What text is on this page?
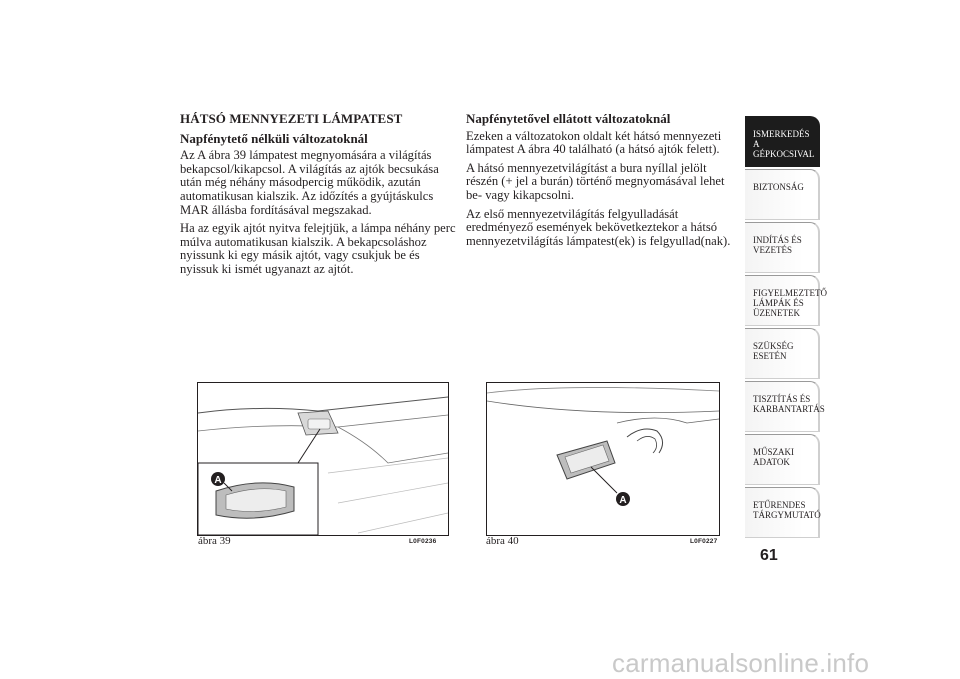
HÁTSÓ MENNYEZETI LÁMPATEST
Napfénytető nélküli változatoknál

Az A ábra 39 lámpatest megnyomására a világítás bekapcsol/kikapcsol. A világítás az ajtók becsukása után még néhány másodpercig működik, azután automatikusan kialszik. Az időzítés a gyújtáskulcs MAR állásba fordításával megszakad.

Ha az egyik ajtót nyitva felejtjük, a lámpa néhány perc múlva automatikusan kialszik. A bekapcsoláshoz nyissunk ki egy másik ajtót, vagy csukjuk be és nyissuk ki ismét ugyanazt az ajtót.

Napfénytetővel ellátott változatoknál

Ezeken a változatokon oldalt két hátsó mennyezeti lámpatest A ábra 40 található (a hátsó ajtók felett).

A hátsó mennyezetvilágítást a bura nyíllal jelölt részén (+ jel a burán) történő megnyomásával lehet be- vagy kikapcsolni.

Az első mennyezetvilágítás felgyulladását eredményező események bekövetkeztekor a hátsó mennyezetvilágítás lámpatest(ek) is felgyullad(nak).

A
ábra 39	L0F0236
A
ábra 40	L0F0227
ISMERKEDÉS A GÉPKOCSIVAL
BIZTONSÁG
INDÍTÁS ÉS VEZETÉS
FIGYELMEZTETŐ LÁMPÁK ÉS ÜZENETEK
SZÜKSÉG ESETÉN
TISZTÍTÁS ÉS KARBANTARTÁS
MŰSZAKI ADATOK
ETŰRENDES TÁRGYMUTATÓ
61
carmanualsonline.info
